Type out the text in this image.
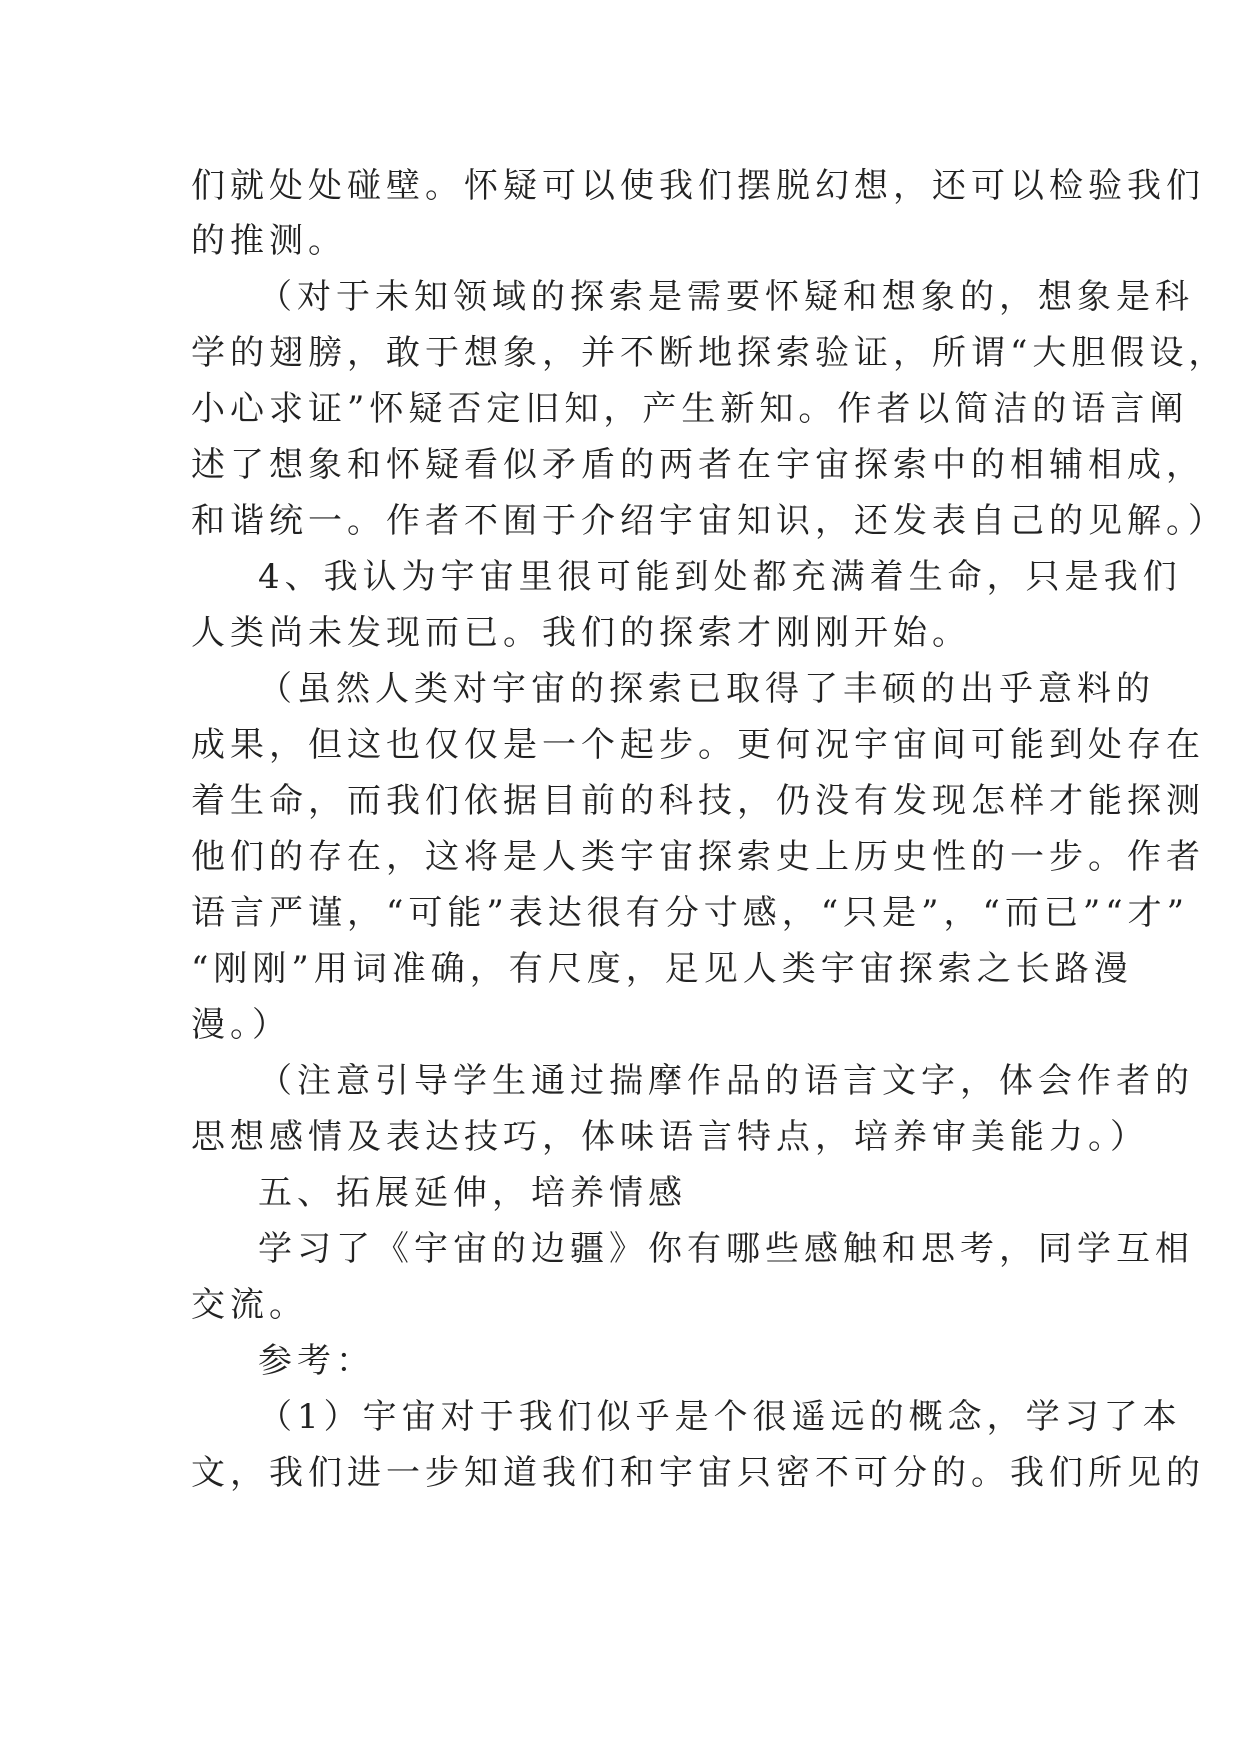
们就处处碰壁。怀疑可以使我们摆脱幻想，还可以检验我们
的推测。
（对于未知领域的探索是需要怀疑和想象的，想象是科
学的翅膀，敢于想象，并不断地探索验证，所谓“大胆假设，
小心求证”怀疑否定旧知，产生新知。作者以简洁的语言阐
述了想象和怀疑看似矛盾的两者在宇宙探索中的相辅相成，
和谐统一。作者不囿于介绍宇宙知识，还发表自己的见解。）
4、我认为宇宙里很可能到处都充满着生命，只是我们
人类尚未发现而已。我们的探索才刚刚开始。
（虽然人类对宇宙的探索已取得了丰硕的出乎意料的
成果，但这也仅仅是一个起步。更何况宇宙间可能到处存在
着生命，而我们依据目前的科技，仍没有发现怎样才能探测
他们的存在，这将是人类宇宙探索史上历史性的一步。作者
语言严谨，“可能”表达很有分寸感，“只是”，“而已”“才”
“刚刚”用词准确，有尺度，足见人类宇宙探索之长路漫
漫。）
（注意引导学生通过揣摩作品的语言文字，体会作者的
思想感情及表达技巧，体味语言特点，培养审美能力。）
五、拓展延伸，培养情感
学习了《宇宙的边疆》你有哪些感触和思考，同学互相
交流。
参考：
（1）宇宙对于我们似乎是个很遥远的概念，学习了本
文，我们进一步知道我们和宇宙只密不可分的。我们所见的
